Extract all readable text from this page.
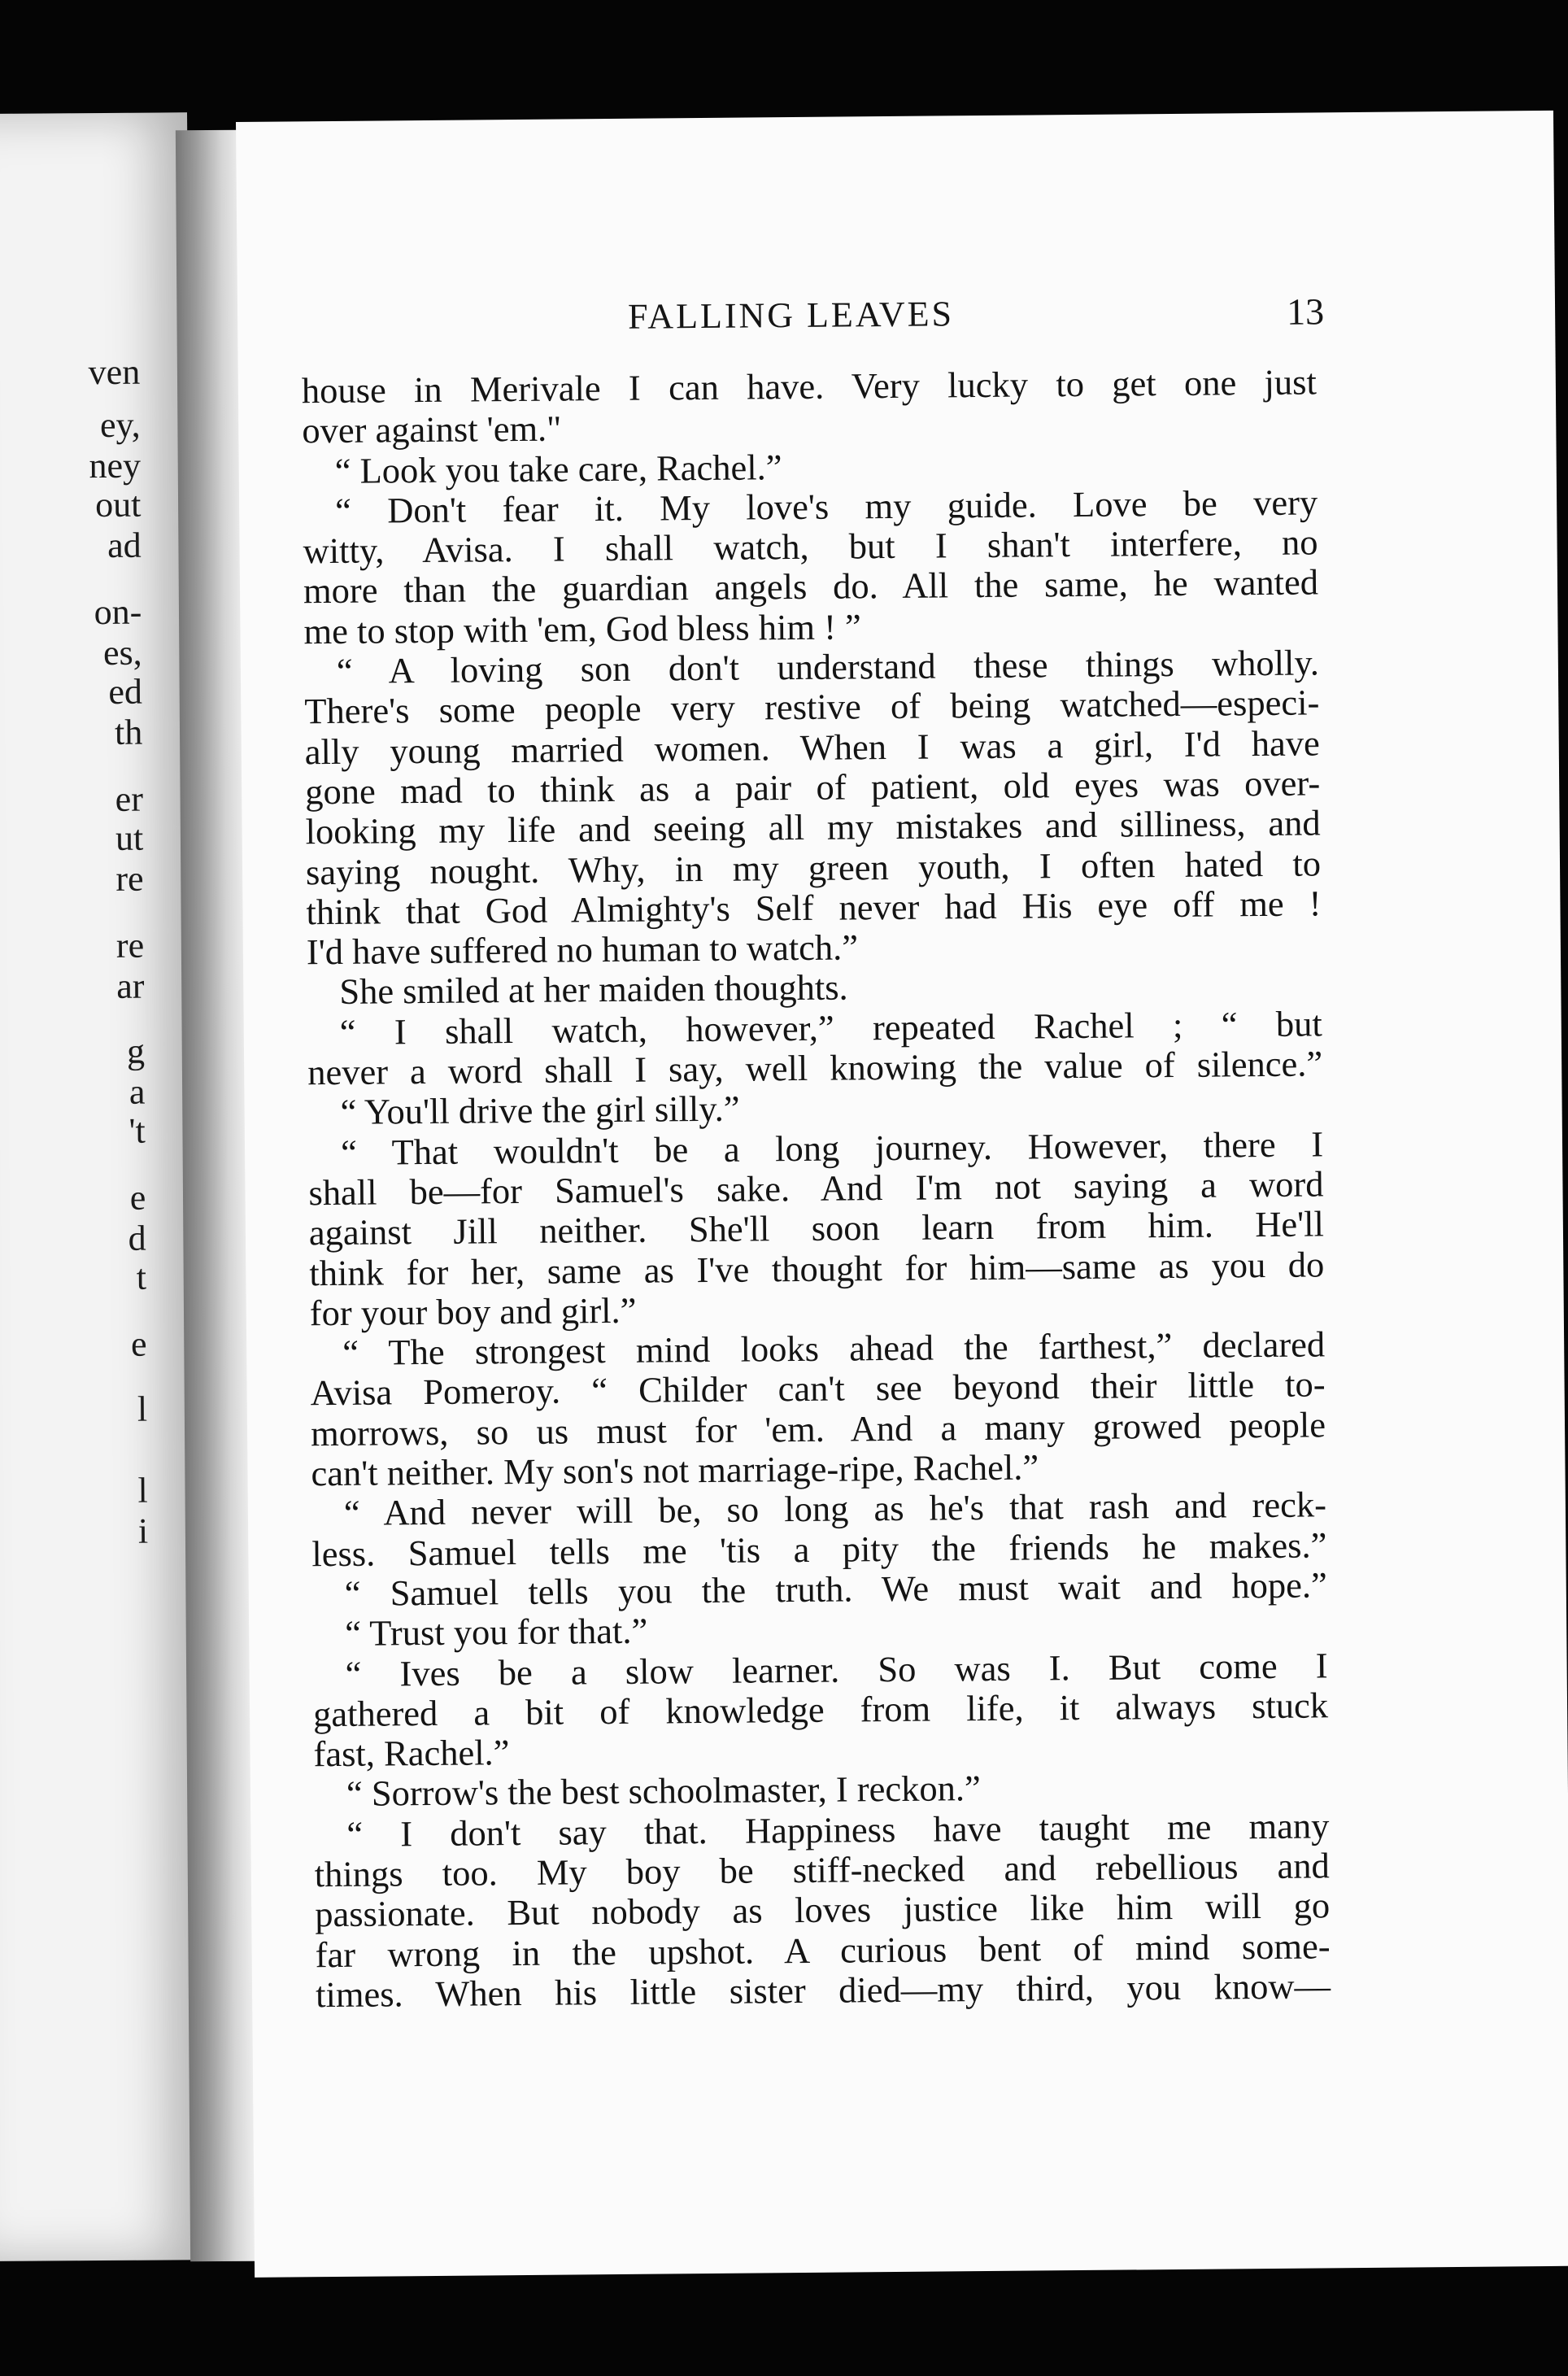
ven
ey,
ney
out
ad
on-
es,
ed
th
er
ut
re
re
ar
g
a
't
e
d
t
e
l
l
i
FALLING LEAVES	13
house in Merivale I can have. Very lucky to get one just
over against 'em."
“ Look you take care, Rachel.”
“ Don't fear it. My love's my guide. Love be very
witty, Avisa. I shall watch, but I shan't interfere, no
more than the guardian angels do. All the same, he wanted
me to stop with 'em, God bless him ! ”
“ A loving son don't understand these things wholly.
There's some people very restive of being watched—especi-
ally young married women. When I was a girl, I'd have
gone mad to think as a pair of patient, old eyes was over-
looking my life and seeing all my mistakes and silliness, and
saying nought. Why, in my green youth, I often hated to
think that God Almighty's Self never had His eye off me !
I'd have suffered no human to watch.”
She smiled at her maiden thoughts.
“ I shall watch, however,” repeated Rachel ; “ but
never a word shall I say, well knowing the value of silence.”
“ You'll drive the girl silly.”
“ That wouldn't be a long journey. However, there I
shall be—for Samuel's sake. And I'm not saying a word
against Jill neither. She'll soon learn from him. He'll
think for her, same as I've thought for him—same as you do
for your boy and girl.”
“ The strongest mind looks ahead the farthest,” declared
Avisa Pomeroy. “ Childer can't see beyond their little to-
morrows, so us must for 'em. And a many growed people
can't neither. My son's not marriage-ripe, Rachel.”
“ And never will be, so long as he's that rash and reck-
less. Samuel tells me 'tis a pity the friends he makes.”
“ Samuel tells you the truth. We must wait and hope.”
“ Trust you for that.”
“ Ives be a slow learner. So was I. But come I
gathered a bit of knowledge from life, it always stuck
fast, Rachel.”
“ Sorrow's the best schoolmaster, I reckon.”
“ I don't say that. Happiness have taught me many
things too. My boy be stiff-necked and rebellious and
passionate. But nobody as loves justice like him will go
far wrong in the upshot. A curious bent of mind some-
times. When his little sister died—my third, you know—
